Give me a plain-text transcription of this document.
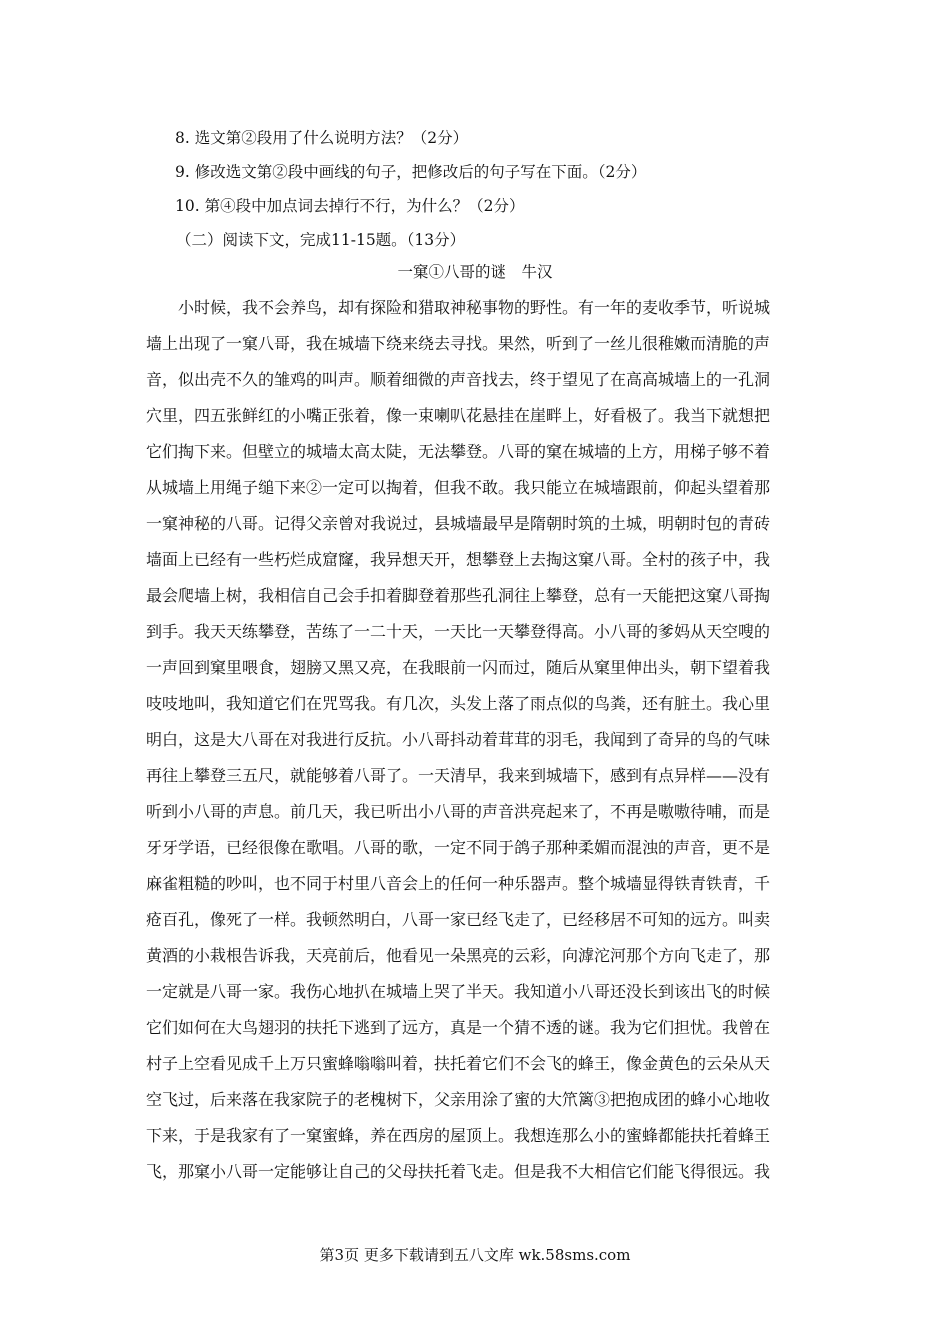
8. 选文第②段用了什么说明方法？（2分）
9. 修改选文第②段中画线的句子，把修改后的句子写在下面。（2分）
10. 第④段中加点词去掉行不行，为什么？（2分）
（二）阅读下文，完成11-15题。（13分）
一窠①八哥的谜　牛汉
　　小时候，我不会养鸟，却有探险和猎取神秘事物的野性。有一年的麦收季节，听说城
墙上出现了一窠八哥，我在城墙下绕来绕去寻找。果然，听到了一丝儿很稚嫩而清脆的声
音，似出壳不久的雏鸡的叫声。顺着细微的声音找去，终于望见了在高高城墙上的一孔洞
穴里，四五张鲜红的小嘴正张着，像一束喇叭花悬挂在崖畔上，好看极了。我当下就想把
它们掏下来。但壁立的城墙太高太陡，无法攀登。八哥的窠在城墙的上方，用梯子够不着
从城墙上用绳子缒下来②一定可以掏着，但我不敢。我只能立在城墙跟前，仰起头望着那
一窠神秘的八哥。记得父亲曾对我说过，县城墙最早是隋朝时筑的土城，明朝时包的青砖
墙面上已经有一些朽烂成窟窿，我异想天开，想攀登上去掏这窠八哥。全村的孩子中，我
最会爬墙上树，我相信自己会手扣着脚登着那些孔洞往上攀登，总有一天能把这窠八哥掏
到手。我天天练攀登，苦练了一二十天，一天比一天攀登得高。小八哥的爹妈从天空嗖的
一声回到窠里喂食，翅膀又黑又亮，在我眼前一闪而过，随后从窠里伸出头，朝下望着我
吱吱地叫，我知道它们在咒骂我。有几次，头发上落了雨点似的鸟粪，还有脏土。我心里
明白，这是大八哥在对我进行反抗。小八哥抖动着茸茸的羽毛，我闻到了奇异的鸟的气味
再往上攀登三五尺，就能够着八哥了。一天清早，我来到城墙下，感到有点异样——没有
听到小八哥的声息。前几天，我已听出小八哥的声音洪亮起来了，不再是嗷嗷待哺，而是
牙牙学语，已经很像在歌唱。八哥的歌，一定不同于鸽子那种柔媚而混浊的声音，更不是
麻雀粗糙的吵叫，也不同于村里八音会上的任何一种乐器声。整个城墙显得铁青铁青，千
疮百孔，像死了一样。我顿然明白，八哥一家已经飞走了，已经移居不可知的远方。叫卖
黄酒的小栽根告诉我，天亮前后，他看见一朵黑亮的云彩，向滹沱河那个方向飞走了，那
一定就是八哥一家。我伤心地扒在城墙上哭了半天。我知道小八哥还没长到该出飞的时候
它们如何在大鸟翅羽的扶托下逃到了远方，真是一个猜不透的谜。我为它们担忧。我曾在
村子上空看见成千上万只蜜蜂嗡嗡叫着，扶托着它们不会飞的蜂王，像金黄色的云朵从天
空飞过，后来落在我家院子的老槐树下，父亲用涂了蜜的大笊篱③把抱成团的蜂小心地收
下来，于是我家有了一窠蜜蜂，养在西房的屋顶上。我想连那么小的蜜蜂都能扶托着蜂王
飞，那窠小八哥一定能够让自己的父母扶托着飞走。但是我不大相信它们能飞得很远。我
第3页 更多下载请到五八文库 wk.58sms.com
